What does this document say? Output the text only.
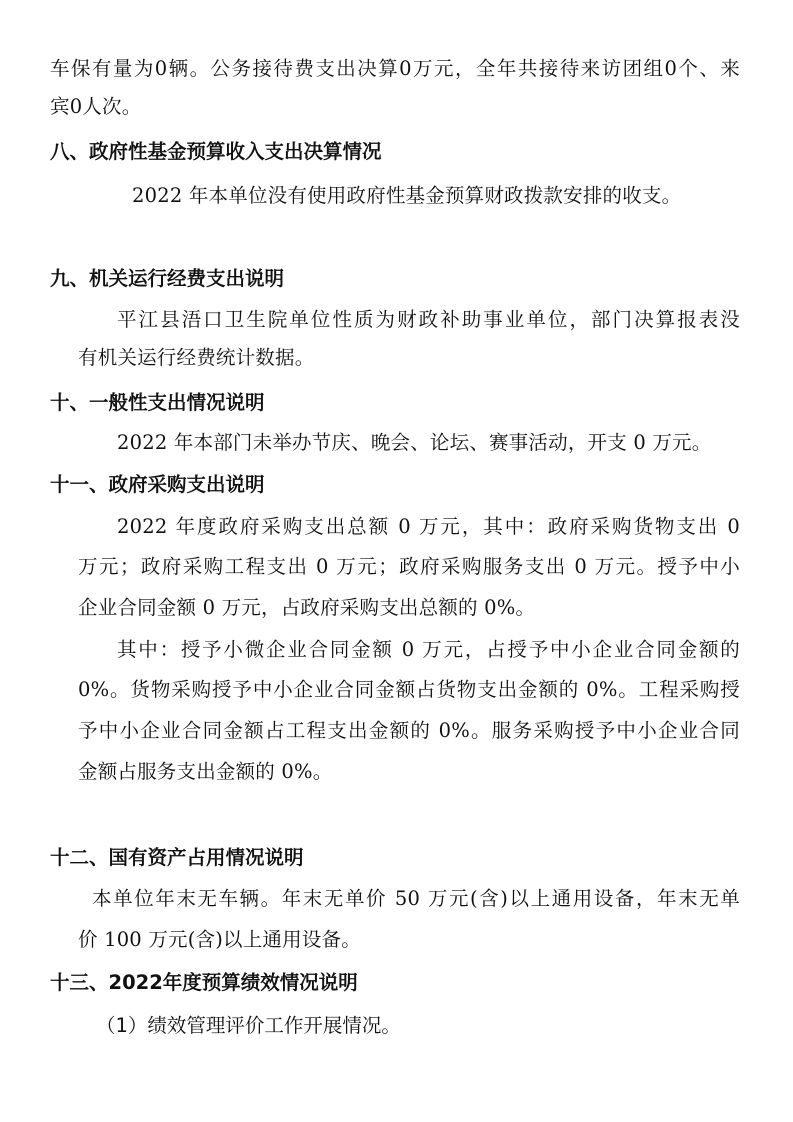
车保有量为0辆。公务接待费支出决算0万元，全年共接待来访团组0个、来
宾0人次。
八、政府性基金预算收入支出决算情况
2022 年本单位没有使用政府性基金预算财政拨款安排的收支。
九、机关运行经费支出说明
平江县浯口卫生院单位性质为财政补助事业单位，部门决算报表没
有机关运行经费统计数据。
十、一般性支出情况说明
2022 年本部门未举办节庆、晚会、论坛、赛事活动，开支 0 万元。
十一、政府采购支出说明
2022 年度政府采购支出总额 0 万元，其中：政府采购货物支出 0
万元；政府采购工程支出 0 万元；政府采购服务支出 0 万元。授予中小
企业合同金额 0 万元，占政府采购支出总额的 0%。
其中：授予小微企业合同金额 0 万元，占授予中小企业合同金额的
0%。货物采购授予中小企业合同金额占货物支出金额的 0%。工程采购授
予中小企业合同金额占工程支出金额的 0%。服务采购授予中小企业合同
金额占服务支出金额的 0%。
十二、国有资产占用情况说明
本单位年末无车辆。年末无单价 50 万元(含)以上通用设备，年末无单
价 100 万元(含)以上通用设备。
十三、2022年度预算绩效情况说明
（1）绩效管理评价工作开展情况。
